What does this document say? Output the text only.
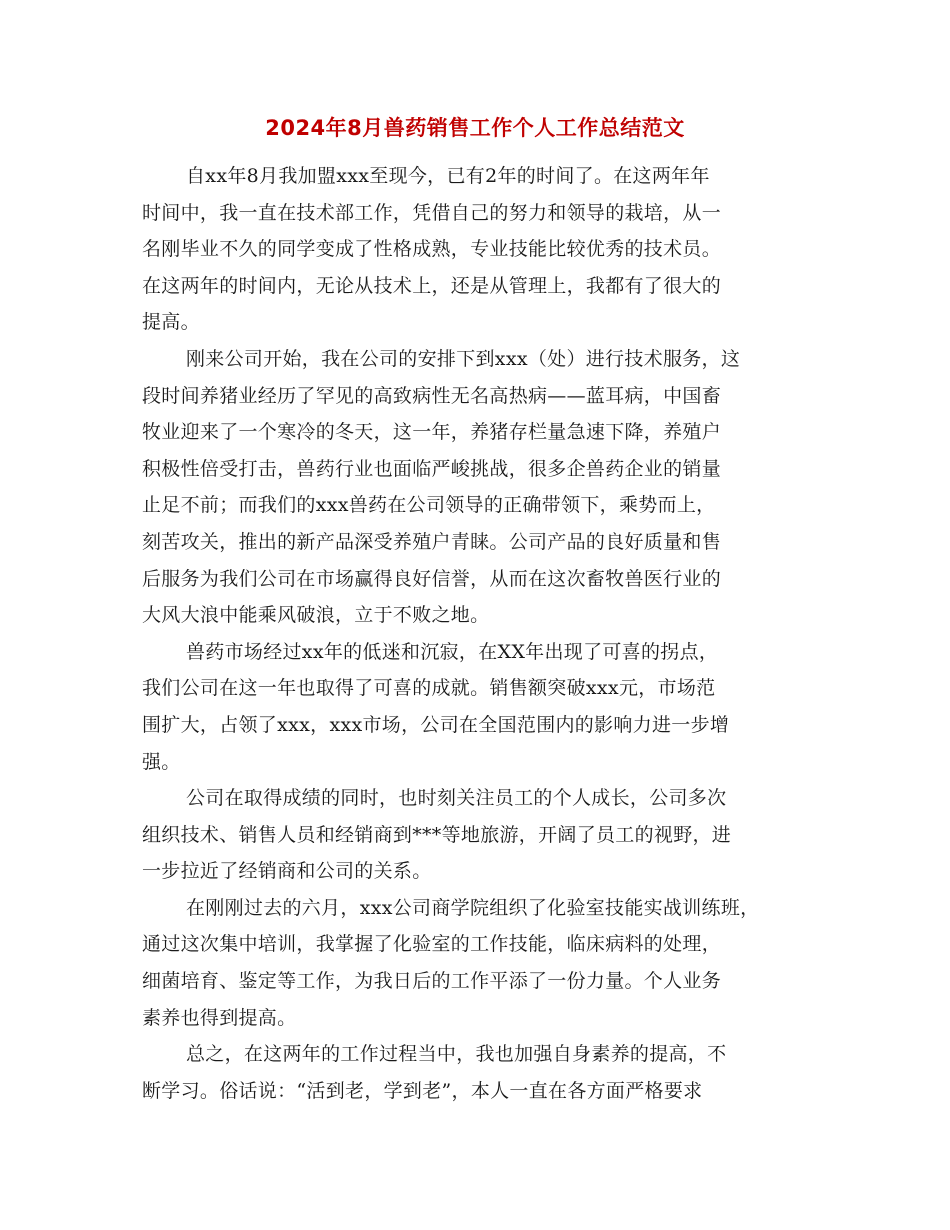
2024年8月兽药销售工作个人工作总结范文
自xx年8月我加盟xxx至现今，已有2年的时间了。在这两年年
时间中，我一直在技术部工作，凭借自己的努力和领导的栽培，从一
名刚毕业不久的同学变成了性格成熟，专业技能比较优秀的技术员。
在这两年的时间内，无论从技术上，还是从管理上，我都有了很大的
提高。
刚来公司开始，我在公司的安排下到xxx（处）进行技术服务，这
段时间养猪业经历了罕见的高致病性无名高热病——蓝耳病，中国畜
牧业迎来了一个寒冷的冬天，这一年，养猪存栏量急速下降，养殖户
积极性倍受打击，兽药行业也面临严峻挑战，很多企兽药企业的销量
止足不前；而我们的xxx兽药在公司领导的正确带领下，乘势而上，
刻苦攻关，推出的新产品深受养殖户青睐。公司产品的良好质量和售
后服务为我们公司在市场赢得良好信誉，从而在这次畜牧兽医行业的
大风大浪中能乘风破浪，立于不败之地。
兽药市场经过xx年的低迷和沉寂，在XX年出现了可喜的拐点，
我们公司在这一年也取得了可喜的成就。销售额突破xxx元，市场范
围扩大，占领了xxx，xxx市场，公司在全国范围内的影响力进一步增
强。
公司在取得成绩的同时，也时刻关注员工的个人成长，公司多次
组织技术、销售人员和经销商到***等地旅游，开阔了员工的视野，进
一步拉近了经销商和公司的关系。
在刚刚过去的六月，xxx公司商学院组织了化验室技能实战训练班，
通过这次集中培训，我掌握了化验室的工作技能，临床病料的处理，
细菌培育、鉴定等工作，为我日后的工作平添了一份力量。个人业务
素养也得到提高。
总之，在这两年的工作过程当中，我也加强自身素养的提高，不
断学习。俗话说：“活到老，学到老”，本人一直在各方面严格要求
